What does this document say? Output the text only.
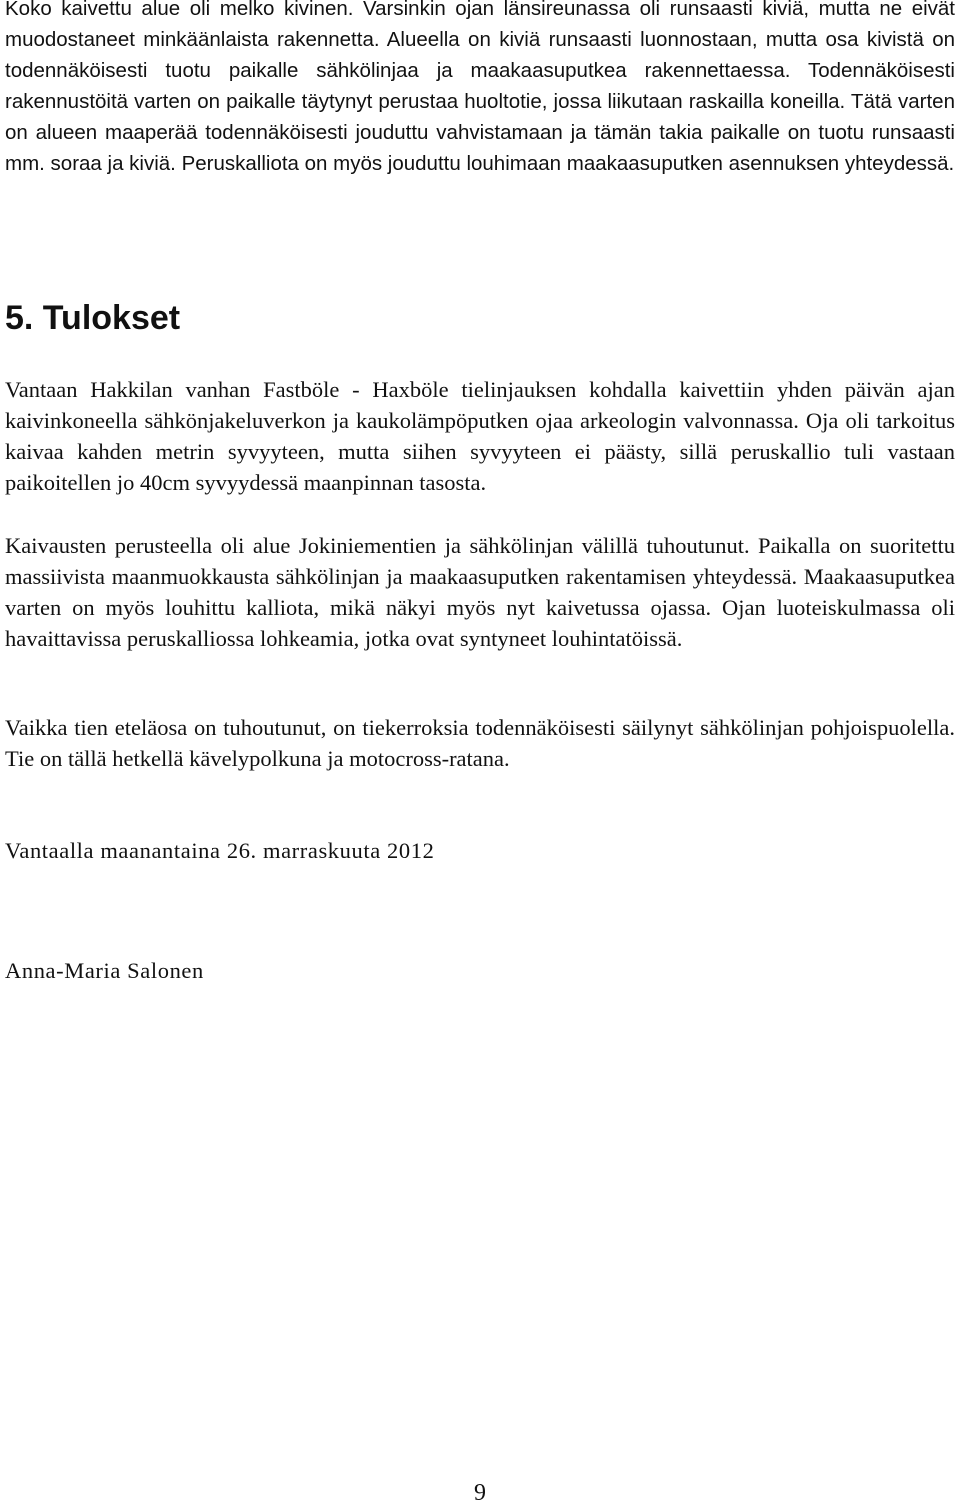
Koko kaivettu alue oli melko kivinen. Varsinkin ojan länsireunassa oli runsaasti kiviä, mutta ne eivät muodostaneet minkäänlaista rakennetta. Alueella on kiviä runsaasti luonnostaan, mutta osa kivistä on todennäköisesti tuotu paikalle sähkölinjaa ja maakaasuputkea rakennettaessa. Todennäköisesti rakennustöitä varten on paikalle täytynyt perustaa huoltotie, jossa liikutaan raskailla koneilla. Tätä varten on alueen maaperää todennäköisesti jouduttu vahvistamaan ja tämän takia paikalle on tuotu runsaasti mm. soraa ja kiviä. Peruskalliota on myös jouduttu louhimaan maakaasuputken asennuksen yhteydessä.

5. Tulokset

Vantaan Hakkilan vanhan Fastböle - Haxböle tielinjauksen kohdalla kaivettiin yhden päivän ajan kaivinkoneella sähkönjakeluverkon ja kaukolämpöputken ojaa arkeologin valvonnassa. Oja oli tarkoitus kaivaa kahden metrin syvyyteen, mutta siihen syvyyteen ei päästy, sillä peruskallio tuli vastaan paikoitellen jo 40cm syvyydessä maanpinnan tasosta.

Kaivausten perusteella oli alue Jokiniementien ja sähkölinjan välillä tuhoutunut. Paikalla on suoritettu massiivista maanmuokkausta sähkölinjan ja maakaasuputken rakentamisen yhteydessä. Maakaasuputkea varten on myös louhittu kalliota, mikä näkyi myös nyt kaivetussa ojassa. Ojan luoteiskulmassa oli havaittavissa peruskalliossa lohkeamia, jotka ovat syntyneet louhintatöissä.

Vaikka tien eteläosa on tuhoutunut, on tiekerroksia todennäköisesti säilynyt sähkölinjan pohjoispuolella. Tie on tällä hetkellä kävelypolkuna ja motocross-ratana.

Vantaalla maanantaina 26. marraskuuta 2012

Anna-Maria Salonen

9
